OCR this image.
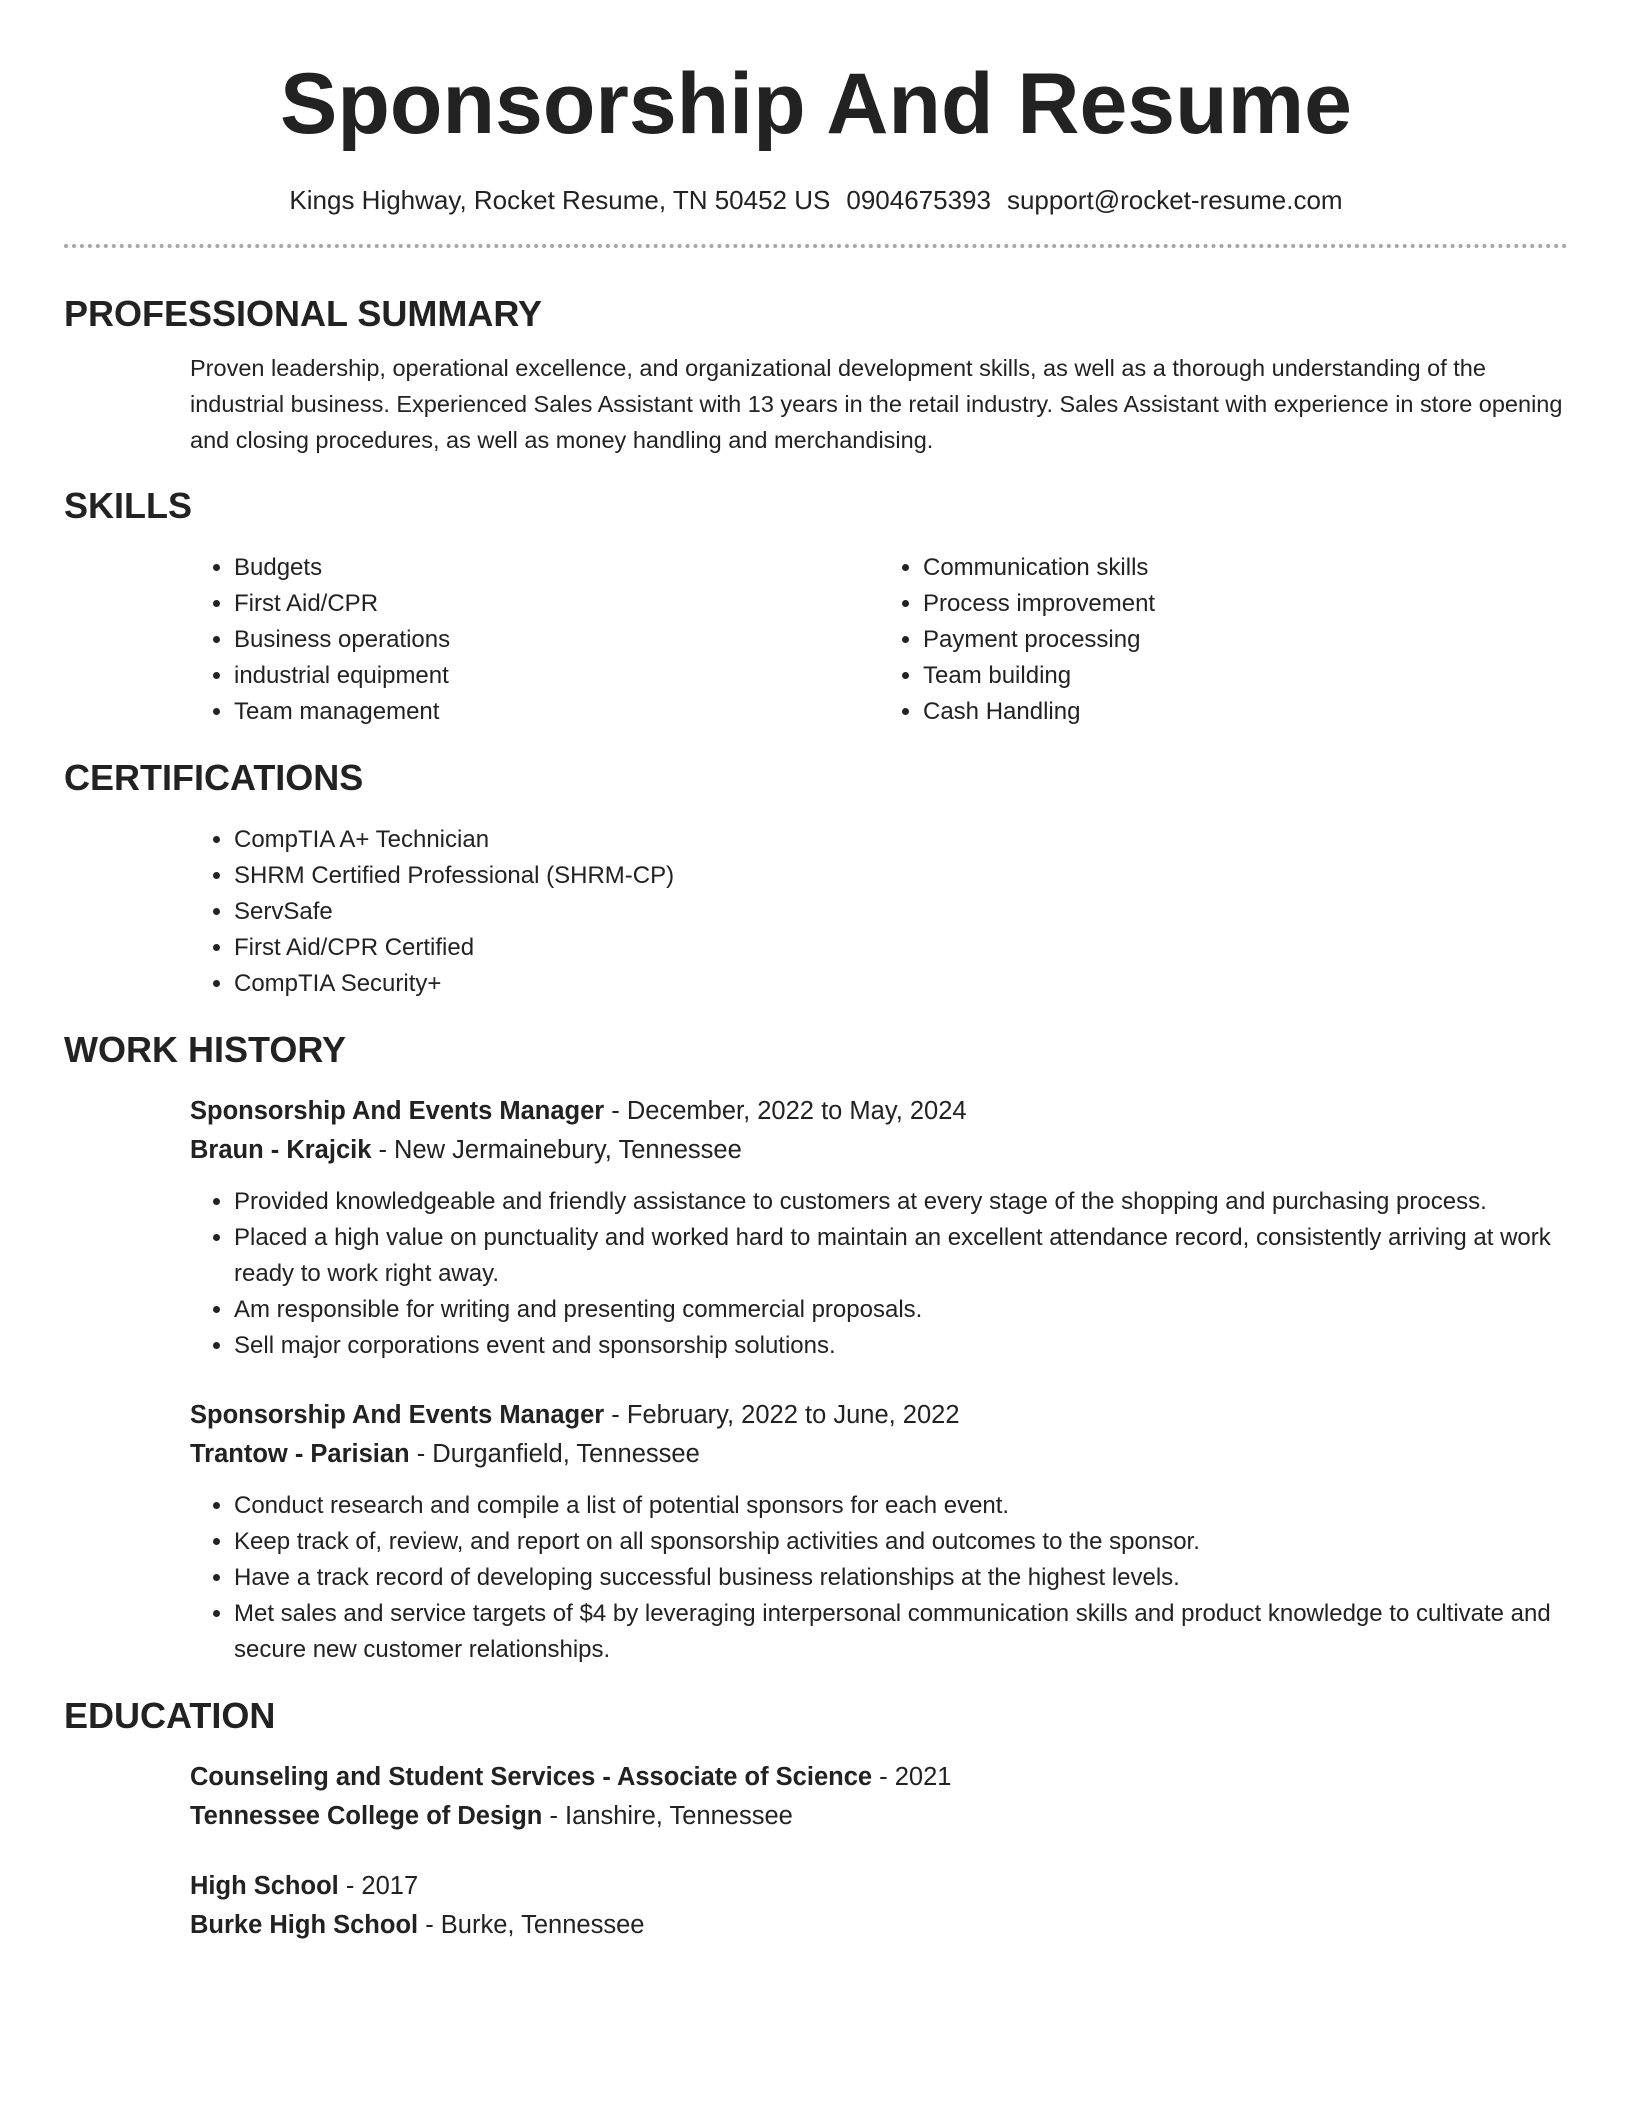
Sponsorship And Resume
Kings Highway, Rocket Resume, TN 50452 US 0904675393 support@rocket-resume.com
PROFESSIONAL SUMMARY

Proven leadership, operational excellence, and organizational development skills, as well as a thorough understanding of the industrial business. Experienced Sales Assistant with 13 years in the retail industry. Sales Assistant with experience in store opening and closing procedures, as well as money handling and merchandising.

SKILLS
• Budgets
• First Aid/CPR
• Business operations
• industrial equipment
• Team management
• Communication skills
• Process improvement
• Payment processing
• Team building
• Cash Handling
CERTIFICATIONS
• CompTIA A+ Technician
• SHRM Certified Professional (SHRM-CP)
• ServSafe
• First Aid/CPR Certified
• CompTIA Security+
WORK HISTORY
Sponsorship And Events Manager - December, 2022 to May, 2024
Braun - Krajcik - New Jermainebury, Tennessee
• Provided knowledgeable and friendly assistance to customers at every stage of the shopping and purchasing process.
• Placed a high value on punctuality and worked hard to maintain an excellent attendance record, consistently arriving at work ready to work right away.
• Am responsible for writing and presenting commercial proposals.
• Sell major corporations event and sponsorship solutions.
Sponsorship And Events Manager - February, 2022 to June, 2022
Trantow - Parisian - Durganfield, Tennessee
• Conduct research and compile a list of potential sponsors for each event.
• Keep track of, review, and report on all sponsorship activities and outcomes to the sponsor.
• Have a track record of developing successful business relationships at the highest levels.
• Met sales and service targets of $4 by leveraging interpersonal communication skills and product knowledge to cultivate and secure new customer relationships.
EDUCATION
Counseling and Student Services - Associate of Science - 2021
Tennessee College of Design - Ianshire, Tennessee
High School - 2017
Burke High School - Burke, Tennessee
